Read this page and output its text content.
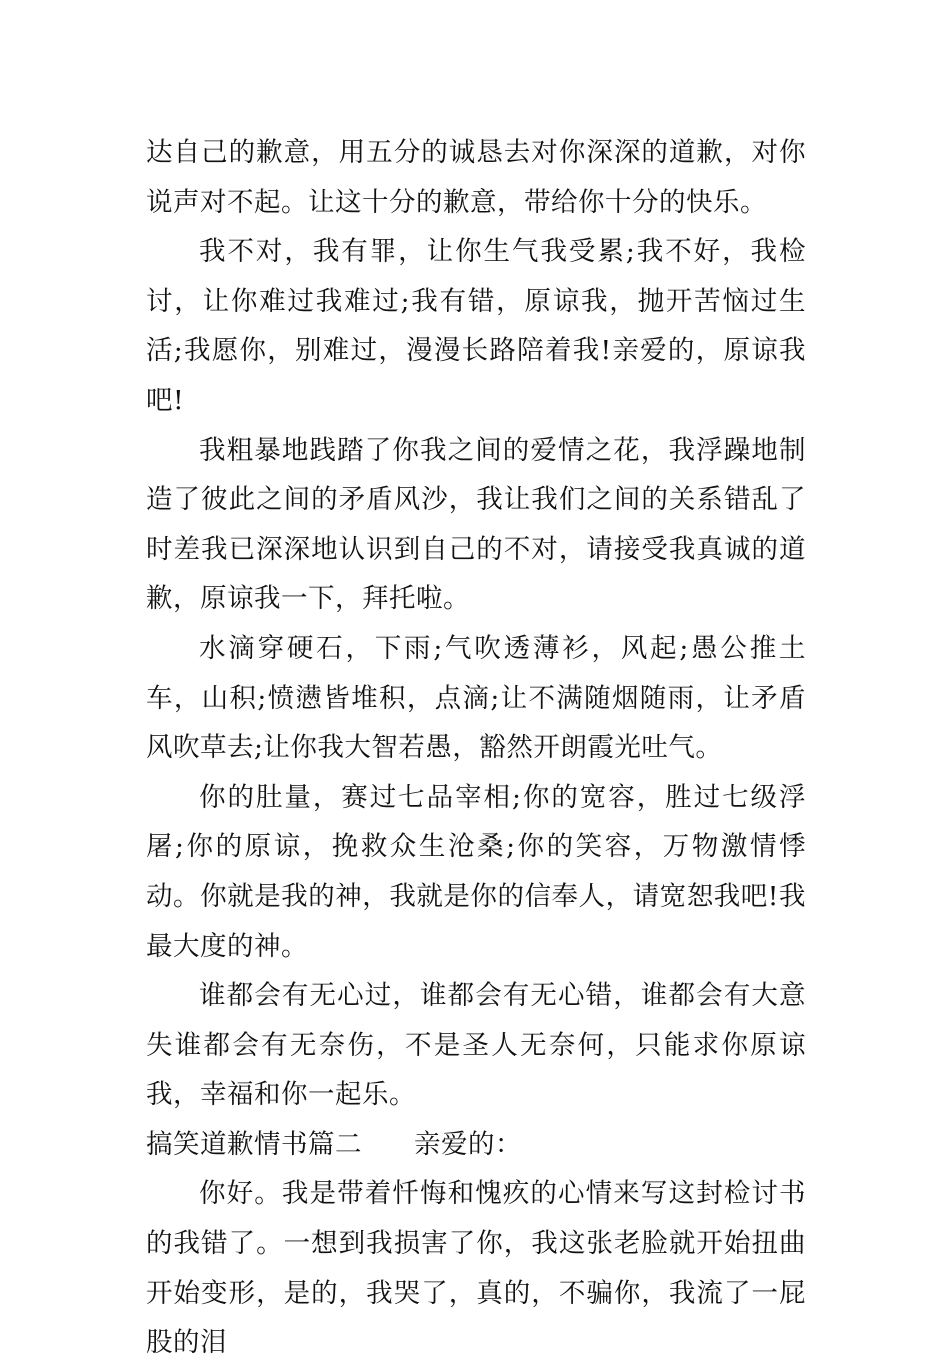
达自己的歉意，用五分的诚恳去对你深深的道歉，对你说声对不起。让这十分的歉意，带给你十分的快乐。

我不对，我有罪，让你生气我受累;我不好，我检讨，让你难过我难过;我有错，原谅我，抛开苦恼过生活;我愿你，别难过，漫漫长路陪着我!亲爱的，原谅我吧!

我粗暴地践踏了你我之间的爱情之花，我浮躁地制造了彼此之间的矛盾风沙，我让我们之间的关系错乱了时差我已深深地认识到自己的不对，请接受我真诚的道歉，原谅我一下，拜托啦。

水滴穿硬石，下雨;气吹透薄衫，风起;愚公推土车，山积;愤懑皆堆积，点滴;让不满随烟随雨，让矛盾风吹草去;让你我大智若愚，豁然开朗霞光吐气。

你的肚量，赛过七品宰相;你的宽容，胜过七级浮屠;你的原谅，挽救众生沧桑;你的笑容，万物激情悸动。你就是我的神，我就是你的信奉人，请宽恕我吧!我最大度的神。

谁都会有无心过，谁都会有无心错，谁都会有大意失谁都会有无奈伤，不是圣人无奈何，只能求你原谅我，幸福和你一起乐。

搞笑道歉情书篇二 亲爱的：

你好。我是带着忏悔和愧疚的心情来写这封检讨书的我错了。一想到我损害了你，我这张老脸就开始扭曲开始变形，是的，我哭了，真的，不骗你，我流了一屁股的泪
